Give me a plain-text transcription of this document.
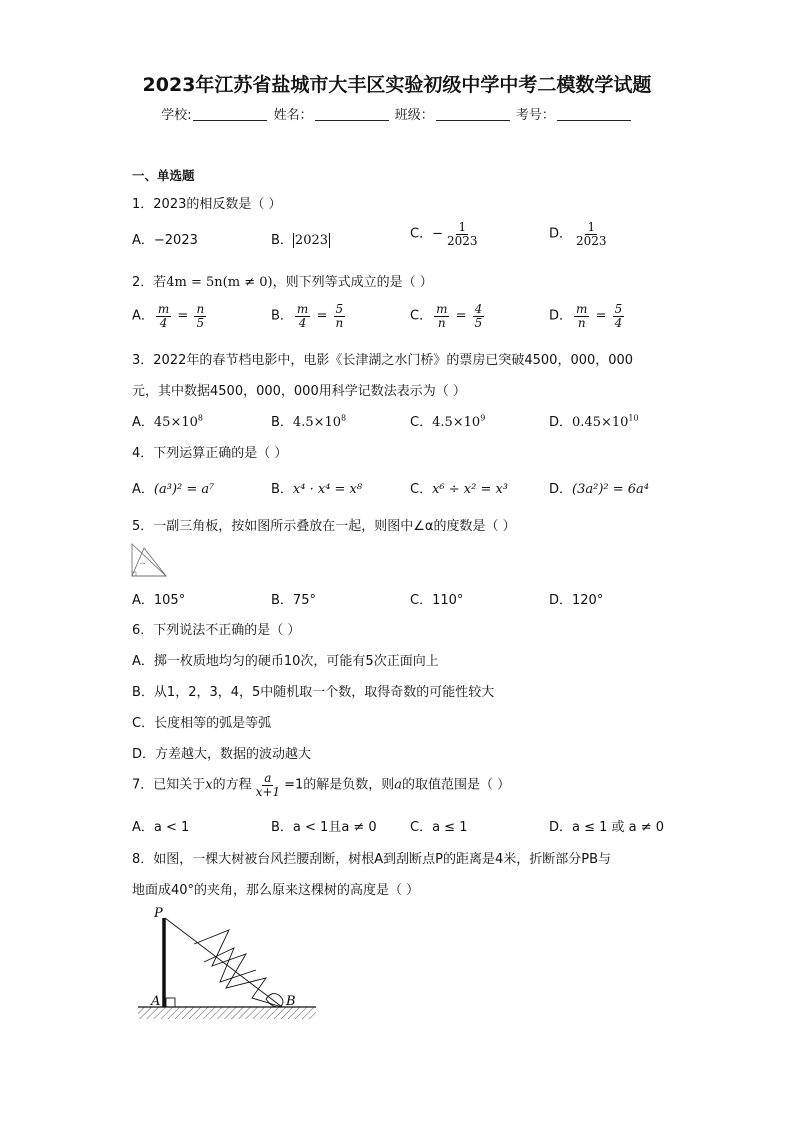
2023年江苏省盐城市大丰区实验初级中学中考二模数学试题
学校:	姓名：	班级：	考号：
一、单选题
1．2023的相反数是（ ）
A．−2023	B． 2023	C．− $\frac{1}{2023}$	D． $\frac{1}{2023}$
2．若4m = 5n(m ≠ 0)，则下列等式成立的是（ ）
A． $\frac{m}{4} = \frac{n}{5}$	B． $\frac{m}{4} = \frac{5}{n}$	C． $\frac{m}{n} = \frac{4}{5}$	D． $\frac{m}{n} = \frac{5}{4}$
3．2022年的春节档电影中，电影《长津湖之水门桥》的票房已突破4500，000，000
元，其中数据4500，000，000用科学记数法表示为（ ）
A．$45\times 10^8$	B．$4.5\times 10^8$	C．$4.5\times 10^9$	D．$0.45\times 10^{10}$
4．下列运算正确的是（ ）
A．(a³)² = a⁷	B．x⁴ · x⁴ = x⁸	C．x⁶ ÷ x² = x³	D．(3a²)² = 6a⁴
5．一副三角板，按如图所示叠放在一起，则图中∠α的度数是（ ）
A．105°	B．75°	C．110°	D．120°
6．下列说法不正确的是（ ）
A．掷一枚质地均匀的硬币10次，可能有5次正面向上
B．从1，2，3，4，5中随机取一个数，取得奇数的可能性较大
C．长度相等的弧是等弧
D．方差越大，数据的波动越大
7．已知关于x的方程 $\frac{a}{x+1} =1$的解是负数，则a的取值范围是（ ）
A．a < 1	B．a < 1且a ≠ 0	C．a ≤ 1	D．a ≤ 1 或 a ≠ 0
8．如图，一棵大树被台风拦腰刮断，树根A到刮断点P的距离是4米，折断部分PB与
地面成40°的夹角，那么原来这棵树的高度是（ ）
P
A	B
